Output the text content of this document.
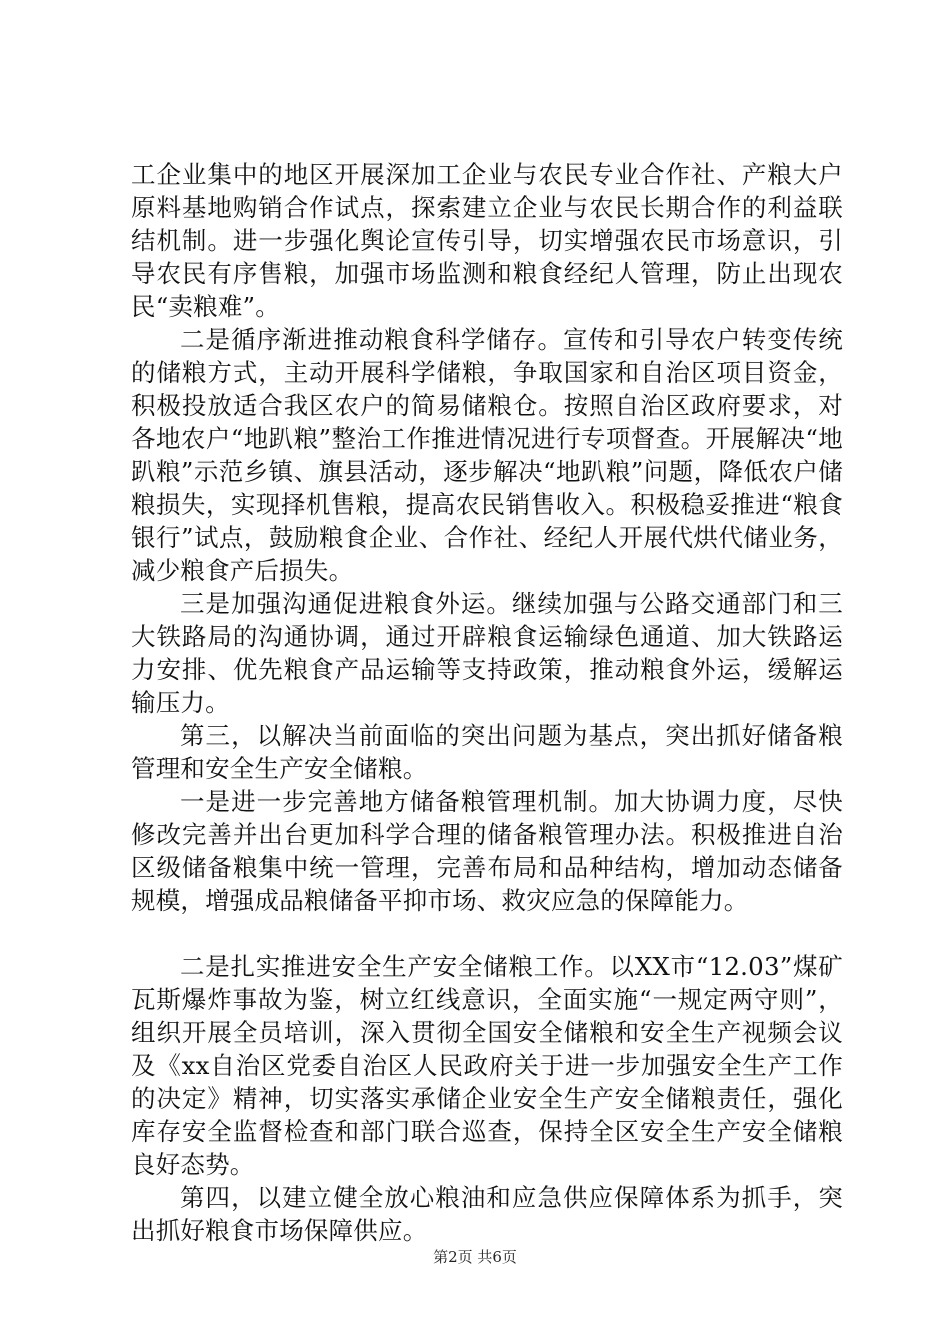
工企业集中的地区开展深加工企业与农民专业合作社、产粮大户原料基地购销合作试点，探索建立企业与农民长期合作的利益联结机制。进一步强化舆论宣传引导，切实增强农民市场意识，引导农民有序售粮，加强市场监测和粮食经纪人管理，防止出现农民“卖粮难”。

二是循序渐进推动粮食科学储存。宣传和引导农户转变传统的储粮方式，主动开展科学储粮，争取国家和自治区项目资金，积极投放适合我区农户的简易储粮仓。按照自治区政府要求，对各地农户“地趴粮”整治工作推进情况进行专项督查。开展解决“地趴粮”示范乡镇、旗县活动，逐步解决“地趴粮”问题，降低农户储粮损失，实现择机售粮，提高农民销售收入。积极稳妥推进“粮食银行”试点，鼓励粮食企业、合作社、经纪人开展代烘代储业务，减少粮食产后损失。

三是加强沟通促进粮食外运。继续加强与公路交通部门和三大铁路局的沟通协调，通过开辟粮食运输绿色通道、加大铁路运力安排、优先粮食产品运输等支持政策，推动粮食外运，缓解运输压力。

第三，以解决当前面临的突出问题为基点，突出抓好储备粮管理和安全生产安全储粮。

一是进一步完善地方储备粮管理机制。加大协调力度，尽快修改完善并出台更加科学合理的储备粮管理办法。积极推进自治区级储备粮集中统一管理，完善布局和品种结构，增加动态储备规模，增强成品粮储备平抑市场、救灾应急的保障能力。

二是扎实推进安全生产安全储粮工作。以XX市“12.03”煤矿瓦斯爆炸事故为鉴，树立红线意识，全面实施“一规定两守则”，组织开展全员培训，深入贯彻全国安全储粮和安全生产视频会议及《xx自治区党委自治区人民政府关于进一步加强安全生产工作的决定》精神，切实落实承储企业安全生产安全储粮责任，强化库存安全监督检查和部门联合巡查，保持全区安全生产安全储粮良好态势。

第四，以建立健全放心粮油和应急供应保障体系为抓手，突出抓好粮食市场保障供应。

第2页 共6页
